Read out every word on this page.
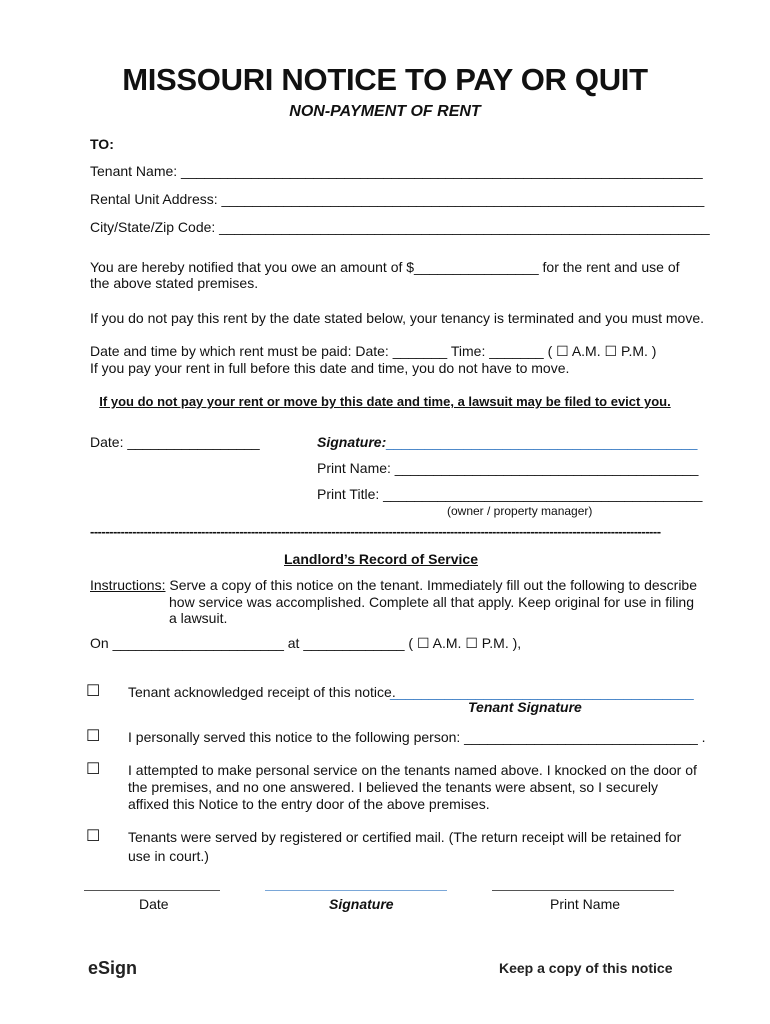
MISSOURI NOTICE TO PAY OR QUIT
NON-PAYMENT OF RENT
TO:
Tenant Name: ___________________________________________________________________
Rental Unit Address: ______________________________________________________________
City/State/Zip Code: _______________________________________________________________
You are hereby notified that you owe an amount of $________________ for the rent and use of
the above stated premises.
If you do not pay this rent by the date stated below, your tenancy is terminated and you must move.
Date and time by which rent must be paid: Date: _______ Time: _______ ( ☐ A.M. ☐ P.M. )
If you pay your rent in full before this date and time, you do not have to move.
If you do not pay your rent or move by this date and time, a lawsuit may be filed to evict you.
Date: _________________	Signature: ________________________________________
Print Name: _______________________________________
Print Title: _________________________________________
(owner / property manager)
-----------------------------------------------------------------------------------------------------------------------------------------------------
Landlord’s Record of Service
Instructions: Serve a copy of this notice on the tenant. Immediately fill out the following to describe
how service was accomplished. Complete all that apply. Keep original for use in filing
a lawsuit.
On ______________________ at _____________ ( ☐ A.M. ☐ P.M. ),
☐ Tenant acknowledged receipt of this notice.
_______________________________________
Tenant Signature
☐ I personally served this notice to the following person: ______________________________ .
☐ I attempted to make personal service on the tenants named above. I knocked on the door of
the premises, and no one answered. I believed the tenants were absent, so I securely
affixed this Notice to the entry door of the above premises.
☐ Tenants were served by registered or certified mail. (The return receipt will be retained for
use in court.)
Date	Signature	Print Name
eSign	Keep a copy of this notice
